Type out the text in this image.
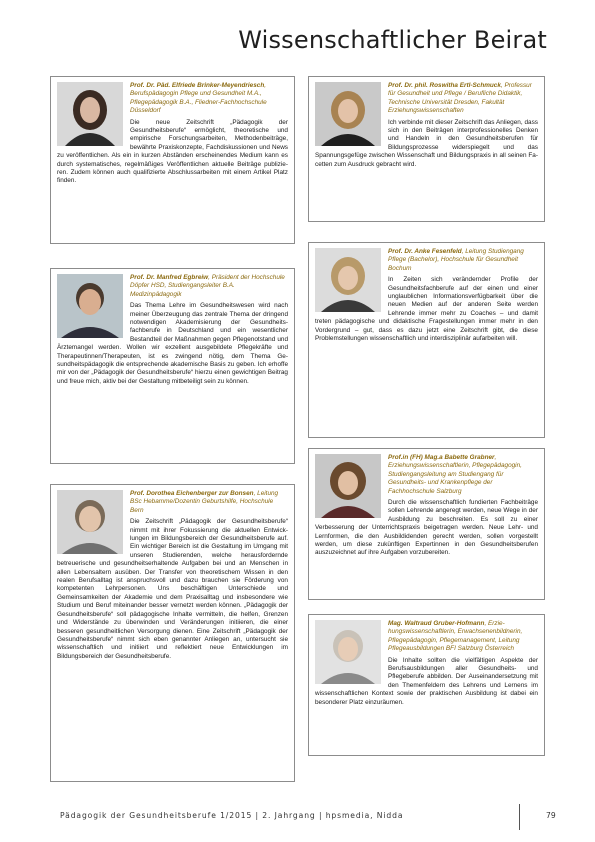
Wissenschaftlicher Beirat

Prof. Dr. Päd. Elfriede Brinker-Meyendriesch, Berufspädagogin Pflege und Gesundheit M.A., Pflegepädagogik B.A., Fliedner-Fachhochschule Düsseldorf

Die neue Zeitschrift „Pädagogik der Gesundheitsberufe“ ermöglicht, theoretische und empirische Forschungsarbeiten, Methodenbeiträge, bewährte Praxiskonzepte, Fachdiskussionen und News zu veröffentlichen. Als ein in kurzen Abständen erscheinendes Medium kann es durch systematisches, regelmäßiges Veröffentlichen aktuelle Beiträge publizieren. Zudem können auch qualifizierte Abschlussarbeiten mit einem Artikel Platz finden.

Prof. Dr. phil. Roswitha Ertl-Schmuck, Professur für Gesundheit und Pflege / Berufliche Didaktik, Technische Universität Dresden, Fakultät Erziehungswissenschaften

Ich verbinde mit dieser Zeitschrift das Anliegen, dass sich in den Beiträgen interprofessionelles Denken und Handeln in den Gesundheitsberufen für Bildungsprozesse widerspiegelt und das Spannungsgefüge zwischen Wissenschaft und Bildungspraxis in all seinen Facetten zum Ausdruck gebracht wird.

Prof. Dr. Manfred Egbreiw, Präsident der Hochschule Döpfer HSD, Studiengangsleiter B.A. Medizinpädagogik

Das Thema Lehre im Gesundheitswesen wird nach meiner Überzeugung das zentrale Thema der dringend notwendigen Akademisierung der Gesundheitsfachberufe in Deutschland und ein wesentlicher Bestandteil der Maßnahmen gegen Pflegenotstand und Ärztemangel werden. Wollen wir exzellent ausgebildete Pflegekräfte und Therapeutinnen/Therapeuten, ist es zwingend nötig, dem Thema Gesundheitspädagogik die entsprechende akademische Basis zu geben. Ich erhoffe mir von der „Pädagogik der Gesundheitsberufe“ hierzu einen gewichtigen Beitrag und freue mich, aktiv bei der Gestaltung mitbeteiligt sein zu können.

Prof. Dr. Anke Fesenfeld, Leitung Studiengang Pflege (Bachelor), Hochschule für Gesundheit Bochum

In Zeiten sich verändernder Profile der Gesundheitsfachberufe auf der einen und einer unglaublichen Informationsverfügbarkeit über die neuen Medien auf der anderen Seite werden Lehrende immer mehr zu Coaches – und damit treten pädagogische und didaktische Fragestellungen immer mehr in den Vordergrund – gut, dass es dazu jetzt eine Zeitschrift gibt, die diese Problemstellungen wissenschaftlich und interdisziplinär aufarbeiten will.

Prof.in (FH) Mag.a Babette Grabner, Erziehungswissenschaftlerin, Pflegepädagogin, Studiengangsleitung am Studiengang für Gesundheits- und Krankenpflege der Fachhochschule Salzburg

Durch die wissenschaftlich fundierten Fachbeiträge sollen Lehrende angeregt werden, neue Wege in der Ausbildung zu beschreiten. Es soll zu einer Verbesserung der Unterrichtspraxis beigetragen werden. Neue Lehr- und Lernformen, die den Ausbildidenden gerecht werden, sollen vorgestellt werden, um diese zukünftigen Expertinnen in den Gesundheitsberufen auszuzeichnet auf ihre Aufgaben vorzubereiten.

Prof. Dorothea Eichenberger zur Bonsen, Leitung BSc Hebamme/Dozentin Geburtshilfe, Hochschule Bern

Die Zeitschrift „Pädagogik der Gesundheitsberufe“ nimmt mit ihrer Fokussierung die aktuellen Entwicklungen im Bildungsbereich der Gesundheitsberufe auf. Ein wichtiger Bereich ist die Gestaltung im Umgang mit unseren Studierenden, welche herausfordernde betreuerische und gesundheitserhaltende Aufgaben bei und an Menschen in allen Lebensaltern ausüben. Der Transfer von theoretischem Wissen in den realen Berufsalltag ist anspruchsvoll und dazu brauchen sie Förderung von kompetenten Lehrpersonen. Uns beschäftigen Unterschiede und Gemeinsamkeiten der Akademie und dem Praxisalltag und insbesondere wie Studium und Beruf miteinander besser vernetzt werden können. „Pädagogik der Gesundheitsberufe“ soll pädagogische Inhalte vermitteln, die helfen, Grenzen und Widerstände zu überwinden und Veränderungen initiieren, die einer besseren gesundheitlichen Versorgung dienen. Eine Zeitschrift „Pädagogik der Gesundheitsberufe“ nimmt sich eben genannter Anliegen an, untersucht sie wissenschaftlich und initiiert und reflektiert neue Entwicklungen im Bildungsbereich der Gesundheitsberufe.

Mag. Waltraud Gruber-Hofmann, Erziehungswissenschaftlerin, Erwachsenenbildnerin, Pflegepädagogin, Pflegemanagement, Leitung Pflegeausbildungen BFI Salzburg Österreich

Die Inhalte sollten die vielfältigen Aspekte der Berufsausbildungen aller Gesundheits- und Pflegeberufe abbilden. Der Auseinandersetzung mit den Themenfeldern des Lehrens und Lernens im wissenschaftlichen Kontext sowie der praktischen Ausbildung ist dabei ein besonderer Platz einzuräumen.

Pädagogik der Gesundheitsberufe 1/2015 | 2. Jahrgang | hpsmedia, Nidda	79
